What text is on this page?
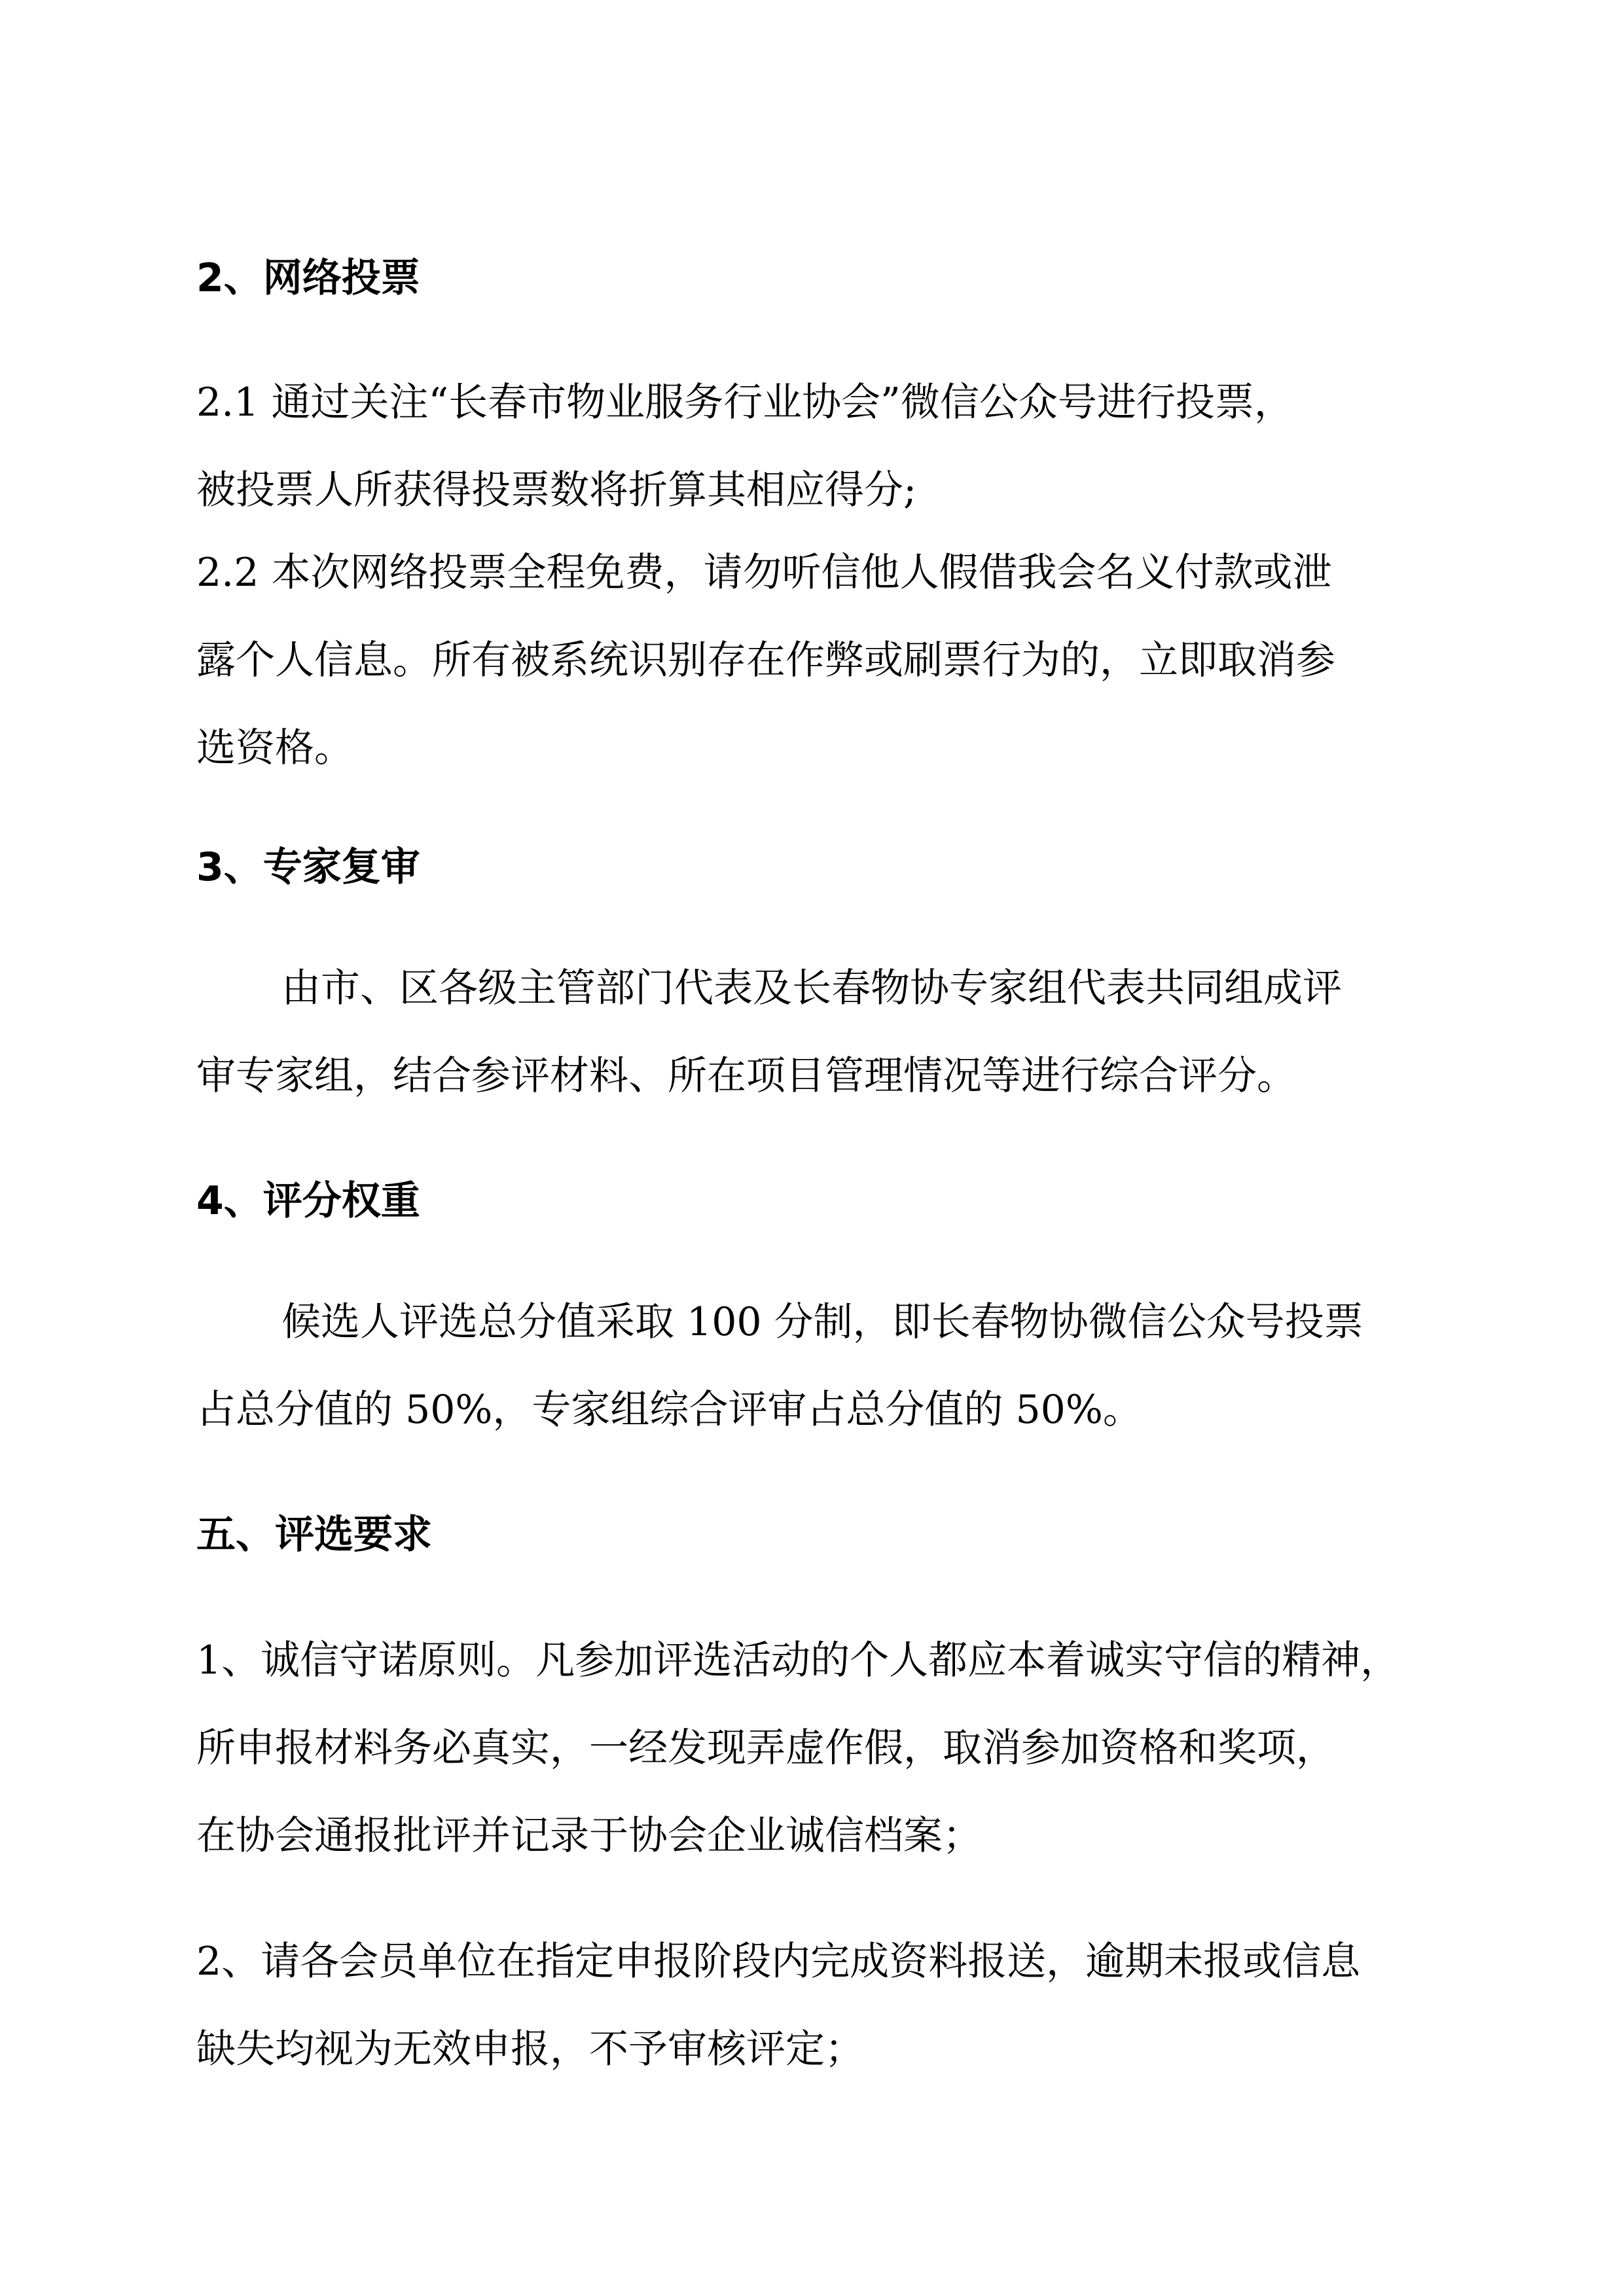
2、网络投票
2.1 通过关注“长春市物业服务行业协会”微信公众号进行投票，
被投票人所获得投票数将折算其相应得分;
2.2 本次网络投票全程免费，请勿听信他人假借我会名义付款或泄
露个人信息。所有被系统识别存在作弊或刷票行为的，立即取消参
选资格。
3、专家复审
由市、区各级主管部门代表及长春物协专家组代表共同组成评
审专家组，结合参评材料、所在项目管理情况等进行综合评分。
4、评分权重
候选人评选总分值采取 100 分制，即长春物协微信公众号投票
占总分值的 50%，专家组综合评审占总分值的 50%。
五、评选要求
1、诚信守诺原则。凡参加评选活动的个人都应本着诚实守信的精神，
所申报材料务必真实，一经发现弄虚作假，取消参加资格和奖项，
在协会通报批评并记录于协会企业诚信档案；
2、请各会员单位在指定申报阶段内完成资料报送，逾期未报或信息
缺失均视为无效申报，不予审核评定；
